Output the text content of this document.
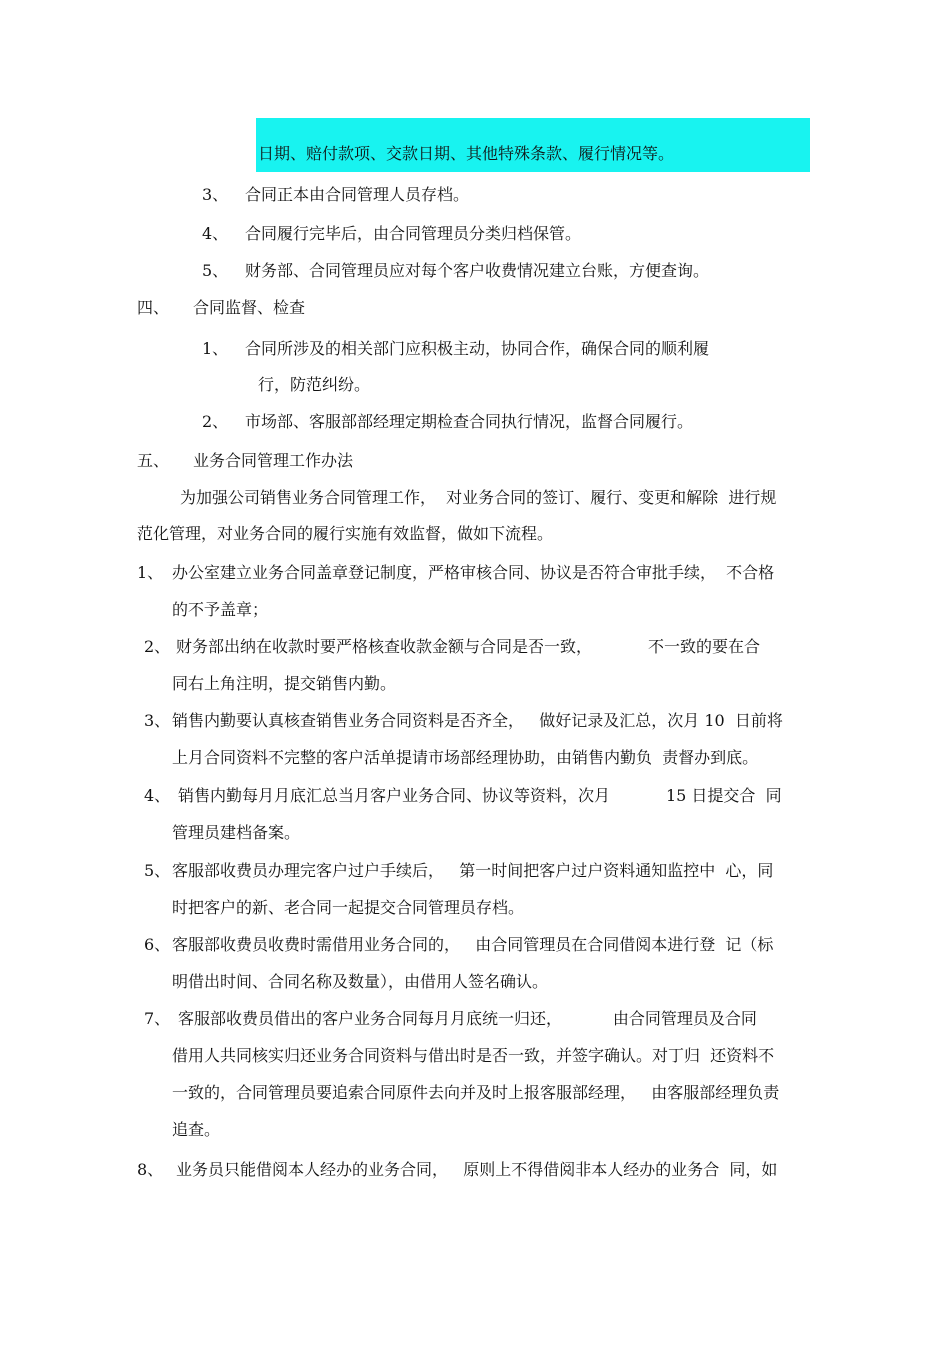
日期、赔付款项、交款日期、其他特殊条款、履行情况等。
3、 合同正本由合同管理人员存档。
4、 合同履行完毕后，由合同管理员分类归档保管。
5、 财务部、合同管理员应对每个客户收费情况建立台账，方便查询。
四、 合同监督、检查
1、 合同所涉及的相关部门应积极主动，协同合作，确保合同的顺利履
行，防范纠纷。
2、 市场部、客服部部经理定期检查合同执行情况，监督合同履行。
五、 业务合同管理工作办法
为加强公司销售业务合同管理工作，  对业务合同的签订、履行、变更和解除  进行规
范化管理，对业务合同的履行实施有效监督，做如下流程。
1、 办公室建立业务合同盖章登记制度，严格审核合同、协议是否符合审批手续，  不合格
的不予盖章；
2、 财务部出纳在收款时要严格核查收款金额与合同是否一致，           不一致的要在合
同右上角注明，提交销售内勤。
3、 销售内勤要认真核查销售业务合同资料是否齐全，   做好记录及汇总，次月 10  日前将
上月合同资料不完整的客户活单提请市场部经理协助，由销售内勤负  责督办到底。
4、 销售内勤每月月底汇总当月客户业务合同、协议等资料，次月           15 日提交合  同
管理员建档备案。
5、 客服部收费员办理完客户过户手续后，   第一时间把客户过户资料通知监控中  心，同
时把客户的新、老合同一起提交合同管理员存档。
6、 客服部收费员收费时需借用业务合同的，   由合同管理员在合同借阅本进行登  记（标
明借出时间、合同名称及数量），由借用人签名确认。
7、 客服部收费员借出的客户业务合同每月月底统一归还，          由合同管理员及合同
借用人共同核实归还业务合同资料与借出时是否一致，并签字确认。对丁归  还资料不
一致的，合同管理员要追索合同原件去向并及时上报客服部经理，   由客服部经理负责
追查。
8、 业务员只能借阅本人经办的业务合同，   原则上不得借阅非本人经办的业务合  同，如
